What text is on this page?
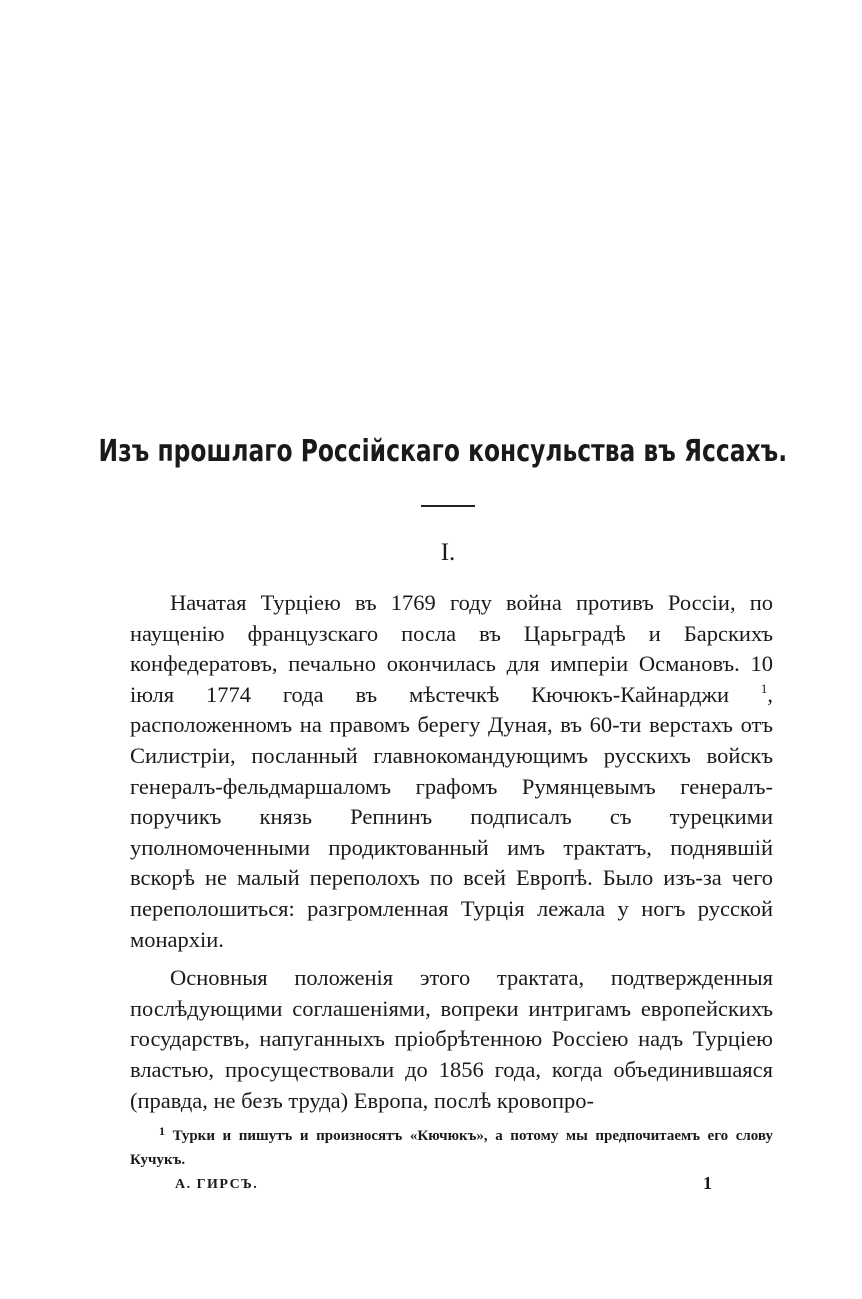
Изъ прошлаго Россійскаго консульства въ Яссахъ.
I.

Начатая Турціею въ 1769 году война противъ Россіи, по наущенію французскаго посла въ Царьградѣ и Барскихъ конфедератовъ, печально окончилась для имперіи Османовъ. 10 іюля 1774 года въ мѣстечкѣ Кючюкъ-Кайнарджи $^1$, расположенномъ на правомъ берегу Дуная, въ 60-ти верстахъ отъ Силистріи, посланный главнокомандующимъ русскихъ войскъ генералъ-фельдмаршаломъ графомъ Румянцевымъ генералъ-поручикъ князь Репнинъ подписалъ съ турецкими уполномоченными продиктованный имъ трактатъ, поднявшій вскорѣ не малый переполохъ по всей Европѣ. Было изъ-за чего переполошиться: разгромленная Турція лежала у ногъ русской монархіи.

Основныя положенія этого трактата, подтвержденныя послѣдующими соглашеніями, вопреки интригамъ европейскихъ государствъ, напуганныхъ пріобрѣтенною Россіею надъ Турціею властью, просуществовали до 1856 года, когда объединившаяся (правда, не безъ труда) Европа, послѣ кровопро-

$^1$ Турки и пишутъ и произносятъ «Кючюкъ», а потому мы предпочитаемъ его слову Кучукъ.
А. ГИРСЪ.	1
